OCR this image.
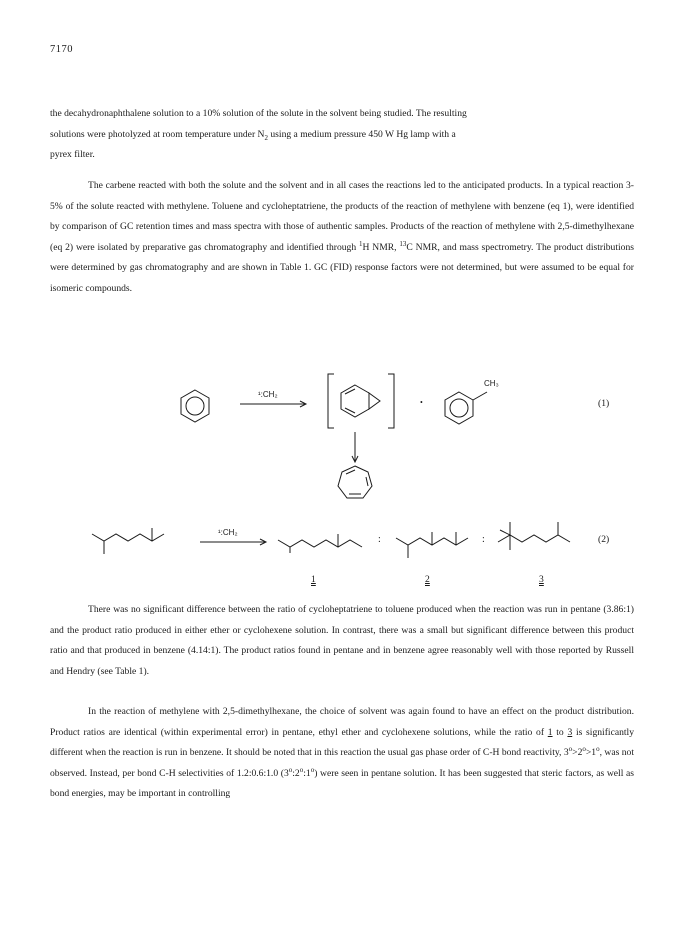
7170
the decahydronaphthalene solution to a 10% solution of the solute in the solvent being studied. The resulting
solutions were photolyzed at room temperature under $N_2$ using a medium pressure 450 W Hg lamp with a
pyrex filter.

The carbene reacted with both the solute and the solvent and in all cases the reactions led to the anticipated products. In a typical reaction 3-5% of the solute reacted with methylene. Toluene and cycloheptatriene, the products of the reaction of methylene with benzene (eq 1), were identified by comparison of GC retention times and mass spectra with those of authentic samples. Products of the reaction of methylene with 2,5-dimethylhexane (eq 2) were isolated by preparative gas chromatography and identified through $^1$H NMR, $^{13}$C NMR, and mass spectrometry. The product distributions were determined by gas chromatography and are shown in Table 1. GC (FID) response factors were not determined, but were assumed to be equal for isomeric compounds.

¹:CH₂
•
CH₃
(1)
¹:CH₂
:	:	(2)
1	2	3

There was no significant difference between the ratio of cycloheptatriene to toluene produced when the reaction was run in pentane (3.86:1) and the product ratio produced in either ether or cyclohexene solution. In contrast, there was a small but significant difference between this product ratio and that produced in benzene (4.14:1). The product ratios found in pentane and in benzene agree reasonably well with those reported by Russell and Hendry (see Table 1).

In the reaction of methylene with 2,5-dimethylhexane, the choice of solvent was again found to have an effect on the product distribution. Product ratios are identical (within experimental error) in pentane, ethyl ether and cyclohexene solutions, while the ratio of 1 to 3 is significantly different when the reaction is run in benzene. It should be noted that in this reaction the usual gas phase order of C-H bond reactivity, $3^o>2^o>1^o$, was not observed. Instead, per bond C-H selectivities of 1.2:0.6:1.0 (3$^o$:2$^o$:1$^o$) were seen in pentane solution. It has been suggested that steric factors, as well as bond energies, may be important in controlling
